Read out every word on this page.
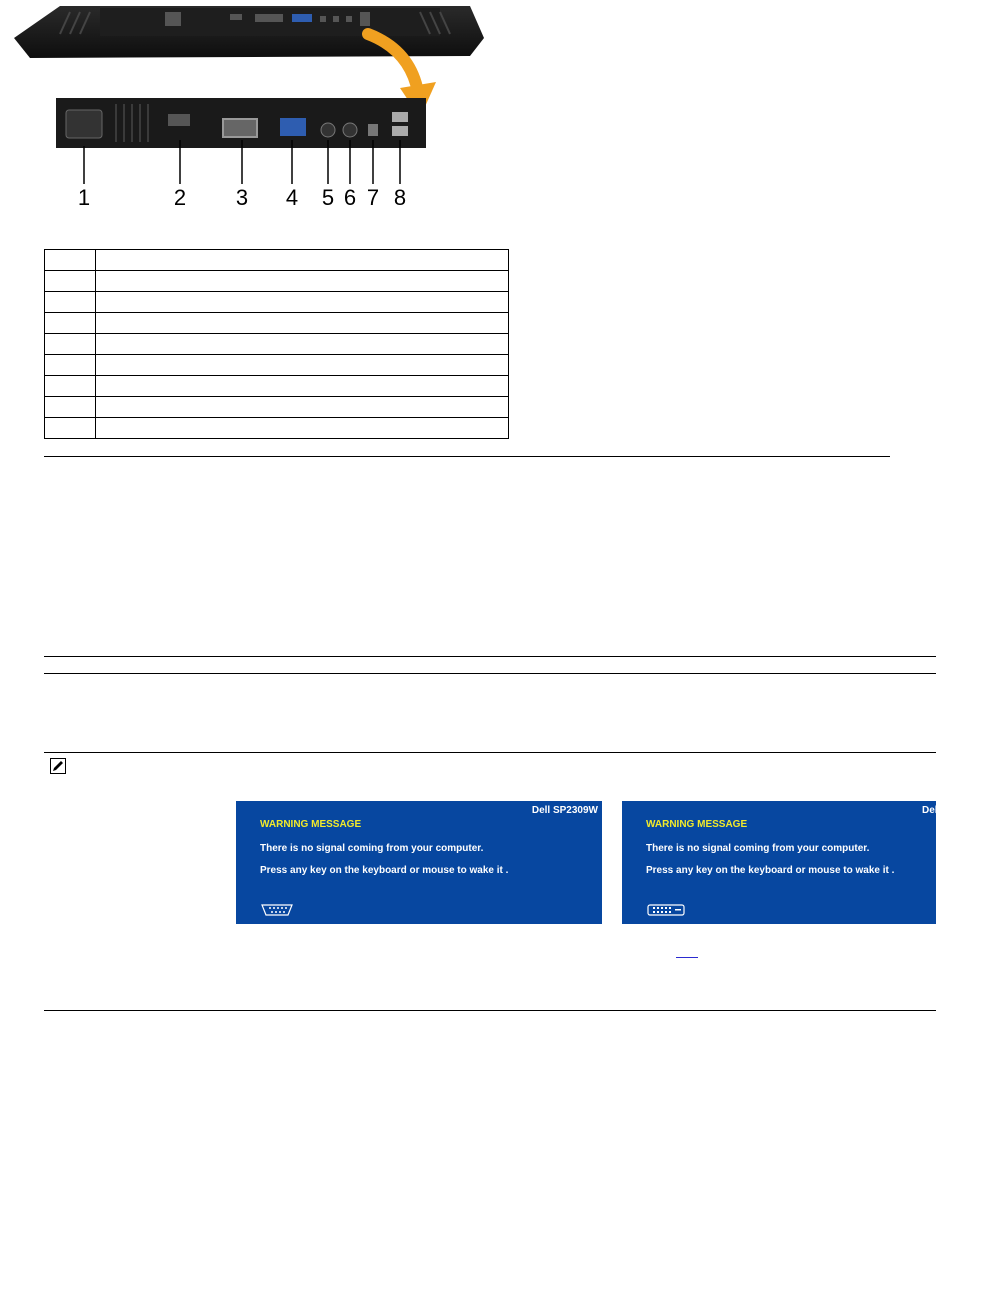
1	2 3 4 5 6 7 8

Dell SP2309W
WARNING MESSAGE
There is no signal coming from your computer.
Press any key on the keyboard or mouse to wake it .
Dell SP2309W
WARNING MESSAGE
There is no signal coming from your computer.
Press any key on the keyboard or mouse to wake it .
